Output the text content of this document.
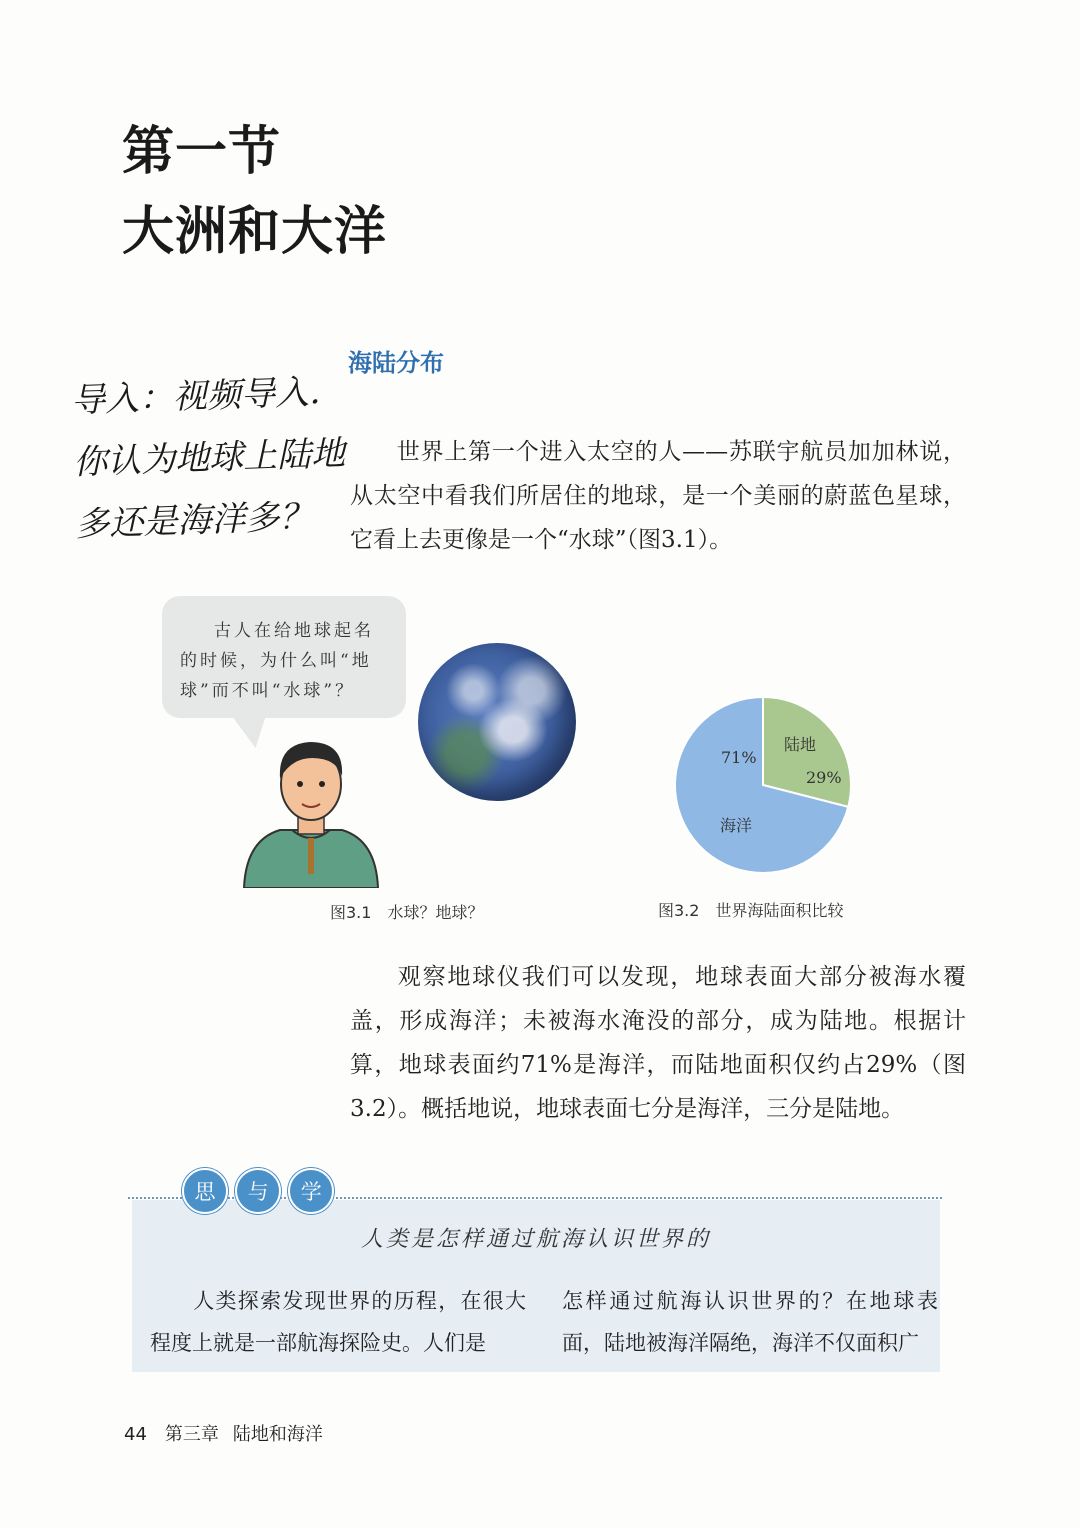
第一节
大洲和大洋
海陆分布
导入：视频导入．你认为地球上陆地多还是海洋多？
世界上第一个进入太空的人——苏联宇航员加加林说，从太空中看我们所居住的地球，是一个美丽的蔚蓝色星球，它看上去更像是一个“水球”（图3.1）。
古人在给地球起名的时候，为什么叫“地球”而不叫“水球”？
图3.1　水球？地球？
71%
海洋
陆地
29%
图3.2　世界海陆面积比较
观察地球仪我们可以发现，地球表面大部分被海水覆盖，形成海洋；未被海水淹没的部分，成为陆地。根据计算，地球表面约71%是海洋，而陆地面积仅约占29%（图3.2）。概括地说，地球表面七分是海洋，三分是陆地。
思 与 学
人类是怎样通过航海认识世界的
人类探索发现世界的历程，在很大程度上就是一部航海探险史。人们是
怎样通过航海认识世界的？在地球表面，陆地被海洋隔绝，海洋不仅面积广
44 第三章 陆地和海洋
